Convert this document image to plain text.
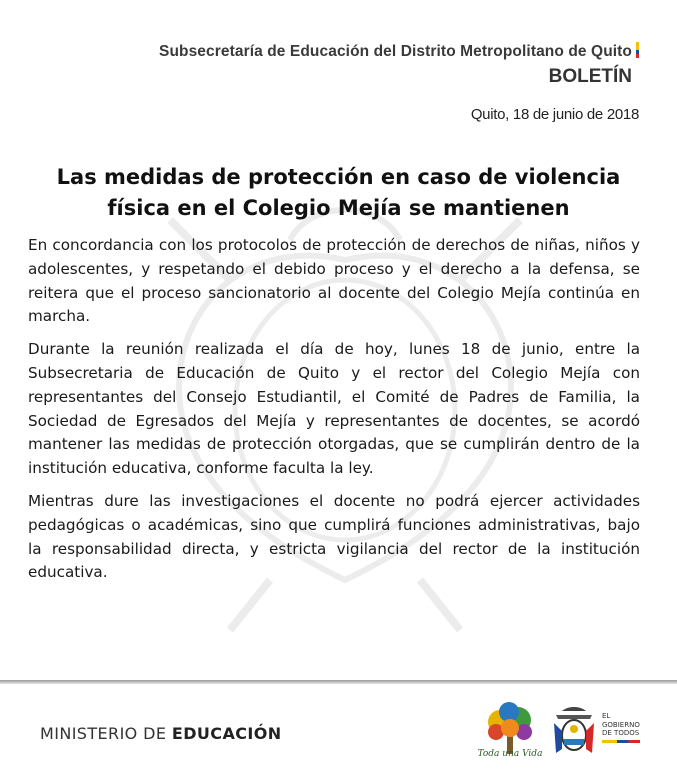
Subsecretaría de Educación del Distrito Metropolitano de Quito
BOLETÍN
Quito, 18 de junio de 2018
Las medidas de protección en caso de violencia
física en el Colegio Mejía se mantienen

En concordancia con los protocolos de protección de derechos de niñas, niños y adolescentes, y respetando el debido proceso y el derecho a la defensa, se reitera que el proceso sancionatorio al docente del Colegio Mejía continúa en marcha.

Durante la reunión realizada el día de hoy, lunes 18 de junio, entre la Subsecretaria de Educación de Quito y el rector del Colegio Mejía con representantes del Consejo Estudiantil, el Comité de Padres de Familia, la Sociedad de Egresados del Mejía y representantes de docentes, se acordó mantener las medidas de protección otorgadas, que se cumplirán dentro de la institución educativa, conforme faculta la ley.

Mientras dure las investigaciones el docente no podrá ejercer actividades pedagógicas o académicas, sino que cumplirá funciones administrativas, bajo la responsabilidad directa, y estricta vigilancia del rector de la institución educativa.

MINISTERIO DE EDUCACIÓN
Toda una Vida
EL
GOBIERNO
DE TODOS
